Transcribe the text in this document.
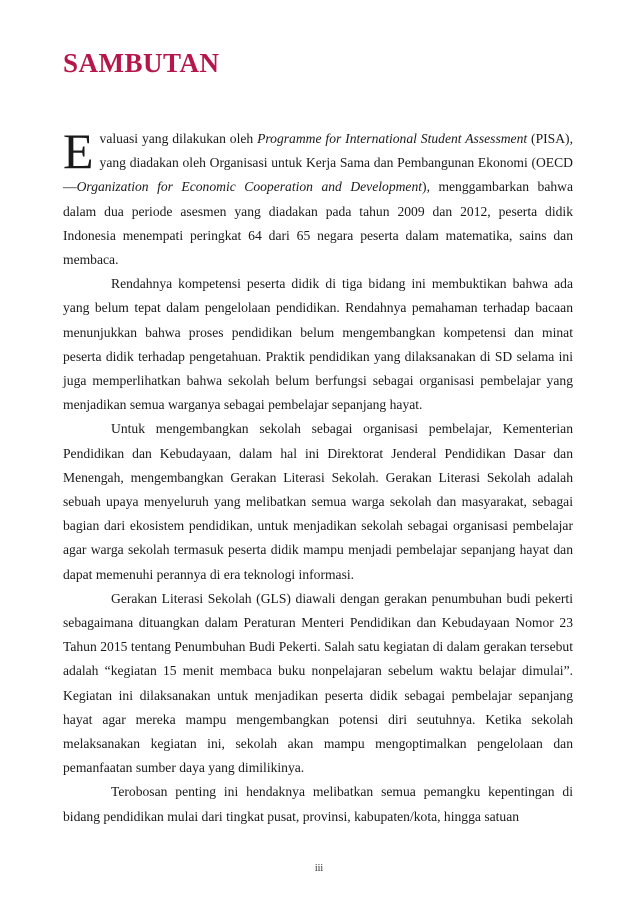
SAMBUTAN

Evaluasi yang dilakukan oleh Programme for International Student Assessment (PISA), yang diadakan oleh Organisasi untuk Kerja Sama dan Pembangunan Ekonomi (OECD—Organization for Economic Cooperation and Development), menggambarkan bahwa dalam dua periode asesmen yang diadakan pada tahun 2009 dan 2012, peserta didik Indonesia menempati peringkat 64 dari 65 negara peserta dalam matematika, sains dan membaca.

Rendahnya kompetensi peserta didik di tiga bidang ini membuktikan bahwa ada yang belum tepat dalam pengelolaan pendidikan. Rendahnya pemahaman terhadap bacaan menunjukkan bahwa proses pendidikan belum mengembangkan kompetensi dan minat peserta didik terhadap pengetahuan. Praktik pendidikan yang dilaksanakan di SD selama ini juga memperlihatkan bahwa sekolah belum berfungsi sebagai organisasi pembelajar yang menjadikan semua warganya sebagai pembelajar sepanjang hayat.

Untuk mengembangkan sekolah sebagai organisasi pembelajar, Kementerian Pendidikan dan Kebudayaan, dalam hal ini Direktorat Jenderal Pendidikan Dasar dan Menengah, mengembangkan Gerakan Literasi Sekolah. Gerakan Literasi Sekolah adalah sebuah upaya menyeluruh yang melibatkan semua warga sekolah dan masyarakat, sebagai bagian dari ekosistem pendidikan, untuk menjadikan sekolah sebagai organisasi pembelajar agar warga sekolah termasuk peserta didik mampu menjadi pembelajar sepanjang hayat dan dapat memenuhi perannya di era teknologi informasi.

Gerakan Literasi Sekolah (GLS) diawali dengan gerakan penumbuhan budi pekerti sebagaimana dituangkan dalam Peraturan Menteri Pendidikan dan Kebudayaan Nomor 23 Tahun 2015 tentang Penumbuhan Budi Pekerti. Salah satu kegiatan di dalam gerakan tersebut adalah “kegiatan 15 menit membaca buku nonpelajaran sebelum waktu belajar dimulai”. Kegiatan ini dilaksanakan untuk menjadikan peserta didik sebagai pembelajar sepanjang hayat agar mereka mampu mengembangkan potensi diri seutuhnya. Ketika sekolah melaksanakan kegiatan ini, sekolah akan mampu mengoptimalkan pengelolaan dan pemanfaatan sumber daya yang dimilikinya.

Terobosan penting ini hendaknya melibatkan semua pemangku kepentingan di bidang pendidikan mulai dari tingkat pusat, provinsi, kabupaten/kota, hingga satuan

iii
